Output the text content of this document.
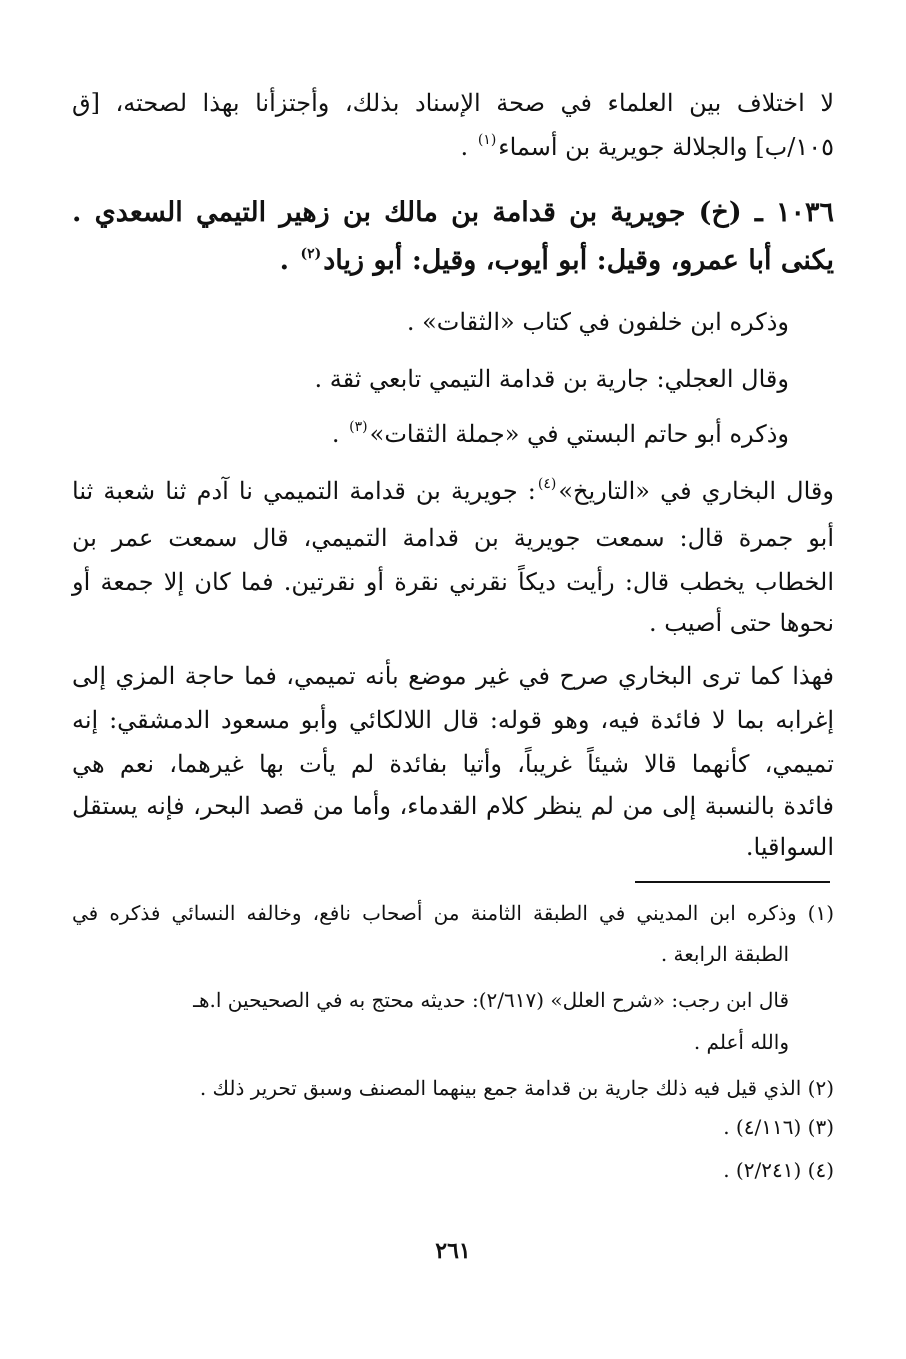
لا اختلاف بين العلماء في صحة الإسناد بذلك، وأجتزأنا بهذا لصحته، [ق
١٠٥/ب] والجلالة جويرية بن أسماء$^{(١)}$ .
١٠٣٦ ـ (خ) جويرية بن قدامة بن مالك بن زهير التيمي السعدي .
يكنى أبا عمرو، وقيل: أبو أيوب، وقيل: أبو زياد$^{(٢)}$ .
وذكره ابن خلفون في كتاب «الثقات» .
وقال العجلي: جارية بن قدامة التيمي تابعي ثقة .
وذكره أبو حاتم البستي في «جملة الثقات»$^{(٣)}$ .
وقال البخاري في «التاريخ»$^{(٤)}$: جويرية بن قدامة التميمي نا آدم ثنا شعبة ثنا
أبو جمرة قال: سمعت جويرية بن قدامة التميمي، قال سمعت عمر بن
الخطاب يخطب قال: رأيت ديكاً نقرني نقرة أو نقرتين. فما كان إلا جمعة أو
نحوها حتى أصيب .
فهذا كما ترى البخاري صرح في غير موضع بأنه تميمي، فما حاجة المزي إلى
إغرابه بما لا فائدة فيه، وهو قوله: قال اللالكائي وأبو مسعود الدمشقي: إنه
تميمي، كأنهما قالا شيئاً غريباً، وأتيا بفائدة لم يأت بها غيرهما، نعم هي
فائدة بالنسبة إلى من لم ينظر كلام القدماء، وأما من قصد البحر، فإنه يستقل
السواقيا.
(١) وذكره ابن المديني في الطبقة الثامنة من أصحاب نافع، وخالفه النسائي فذكره في
الطبقة الرابعة .
قال ابن رجب: «شرح العلل» (٢/٦١٧): حديثه محتج به في الصحيحين ا.هـ
والله أعلم .
(٢) الذي قيل فيه ذلك جارية بن قدامة جمع بينهما المصنف وسبق تحرير ذلك .
(٣) (٤/١١٦) .
(٤) (٢/٢٤١) .
٢٦١
